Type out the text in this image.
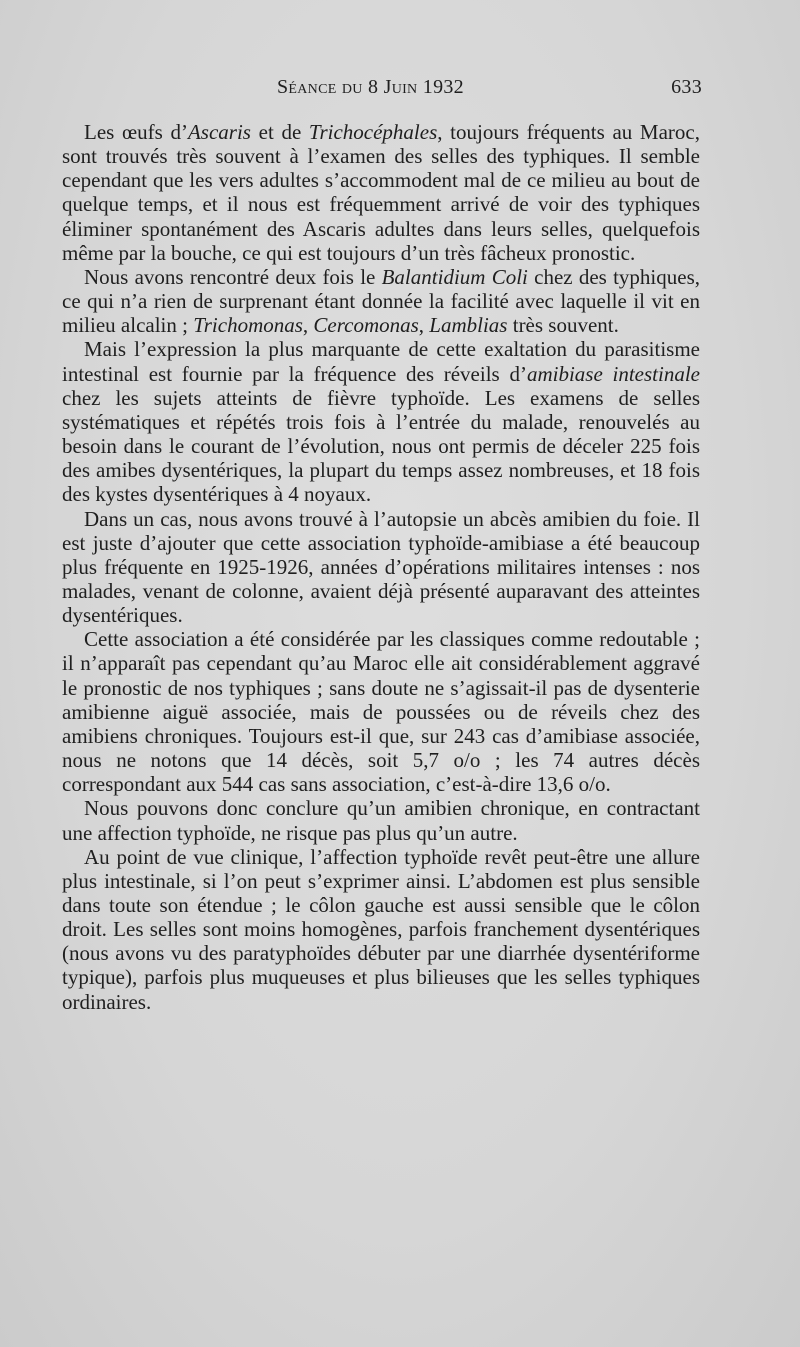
Séance du 8 Juin 1932	633

Les œufs d’Ascaris et de Trichocéphales, toujours fréquents au Maroc, sont trouvés très souvent à l’examen des selles des typhiques. Il semble cependant que les vers adultes s’accommodent mal de ce milieu au bout de quelque temps, et il nous est fréquemment arrivé de voir des typhiques éliminer spontanément des Ascaris adultes dans leurs selles, quelquefois même par la bouche, ce qui est toujours d’un très fâcheux pronostic.

Nous avons rencontré deux fois le Balantidium Coli chez des typhiques, ce qui n’a rien de surprenant étant donnée la facilité avec laquelle il vit en milieu alcalin ; Trichomonas, Cercomonas, Lamblias très souvent.

Mais l’expression la plus marquante de cette exaltation du parasitisme intestinal est fournie par la fréquence des réveils d’amibiase intestinale chez les sujets atteints de fièvre typhoïde. Les examens de selles systématiques et répétés trois fois à l’entrée du malade, renouvelés au besoin dans le courant de l’évolution, nous ont permis de déceler 225 fois des amibes dysentériques, la plupart du temps assez nombreuses, et 18 fois des kystes dysentériques à 4 noyaux.

Dans un cas, nous avons trouvé à l’autopsie un abcès amibien du foie. Il est juste d’ajouter que cette association typhoïde-amibiase a été beaucoup plus fréquente en 1925-1926, années d’opérations militaires intenses : nos malades, venant de colonne, avaient déjà présenté auparavant des atteintes dysentériques.

Cette association a été considérée par les classiques comme redoutable ; il n’apparaît pas cependant qu’au Maroc elle ait considérablement aggravé le pronostic de nos typhiques ; sans doute ne s’agissait-il pas de dysenterie amibienne aiguë associée, mais de poussées ou de réveils chez des amibiens chroniques. Toujours est-il que, sur 243 cas d’amibiase associée, nous ne notons que 14 décès, soit 5,7 o/o ; les 74 autres décès correspondant aux 544 cas sans association, c’est-à-dire 13,6 o/o.

Nous pouvons donc conclure qu’un amibien chronique, en contractant une affection typhoïde, ne risque pas plus qu’un autre.

Au point de vue clinique, l’affection typhoïde revêt peut-être une allure plus intestinale, si l’on peut s’exprimer ainsi. L’abdomen est plus sensible dans toute son étendue ; le côlon gauche est aussi sensible que le côlon droit. Les selles sont moins homogènes, parfois franchement dysentériques (nous avons vu des paratyphoïdes débuter par une diarrhée dysentériforme typique), parfois plus muqueuses et plus bilieuses que les selles typhiques ordinaires.
